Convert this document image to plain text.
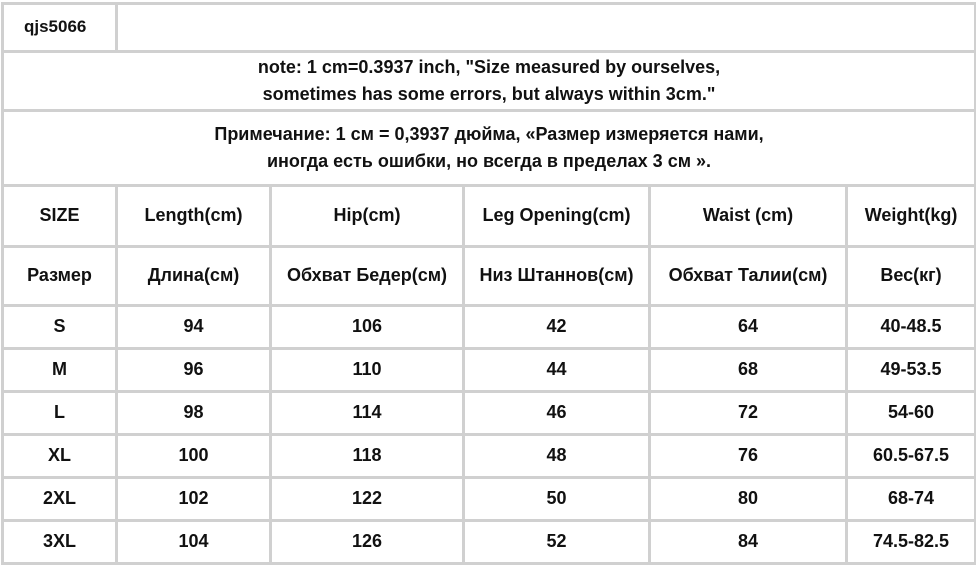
qjs5066					
note: 1 cm=0.3937 inch, "Size measured by ourselves,
sometimes has some errors, but always within 3cm."					
Примечание: 1 см = 0,3937 дюйма, «Размер измеряется нами,
иногда есть ошибки, но всегда в пределах 3 см ».					
SIZE	Length(cm)	Hip(cm)	Leg Opening(cm)	Waist (cm)	Weight(kg)
Размер	Длина(см)	Обхват Бедер(см)	Низ Штаннов(см)	Обхват Талии(см)	Вес(кг)
S	94	106	42	64	40-48.5
M	96	110	44	68	49-53.5
L	98	114	46	72	54-60
XL	100	118	48	76	60.5-67.5
2XL	102	122	50	80	68-74
3XL	104	126	52	84	74.5-82.5
